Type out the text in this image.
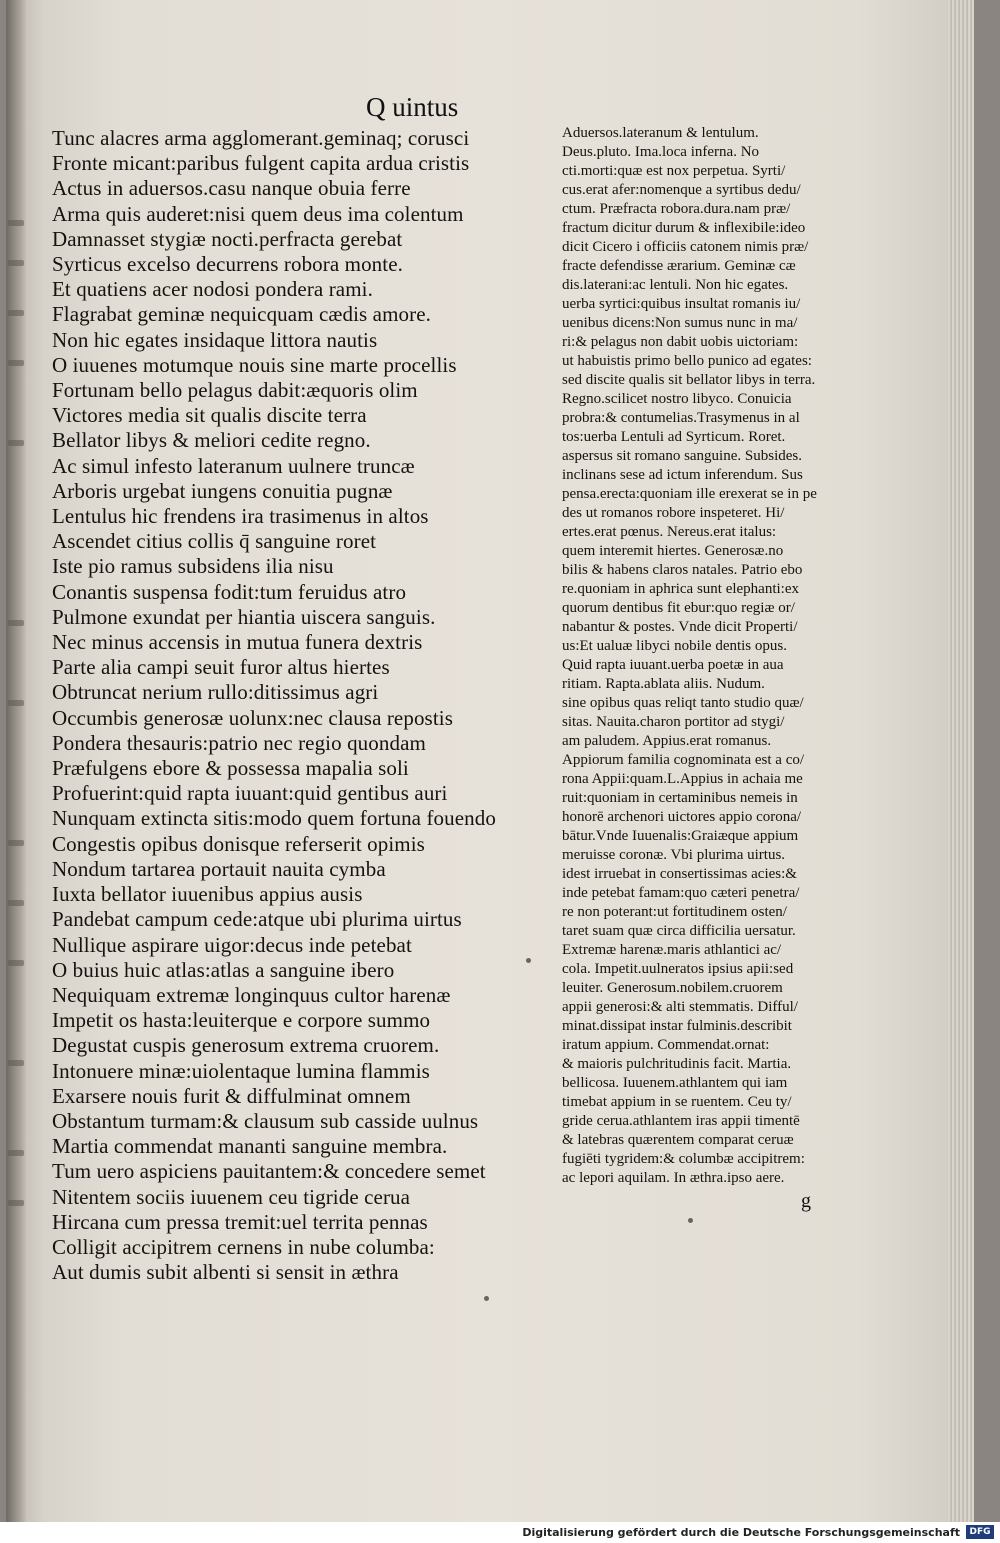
Q uintus
Tunc alacres arma agglomerant.geminaq; corusci
Fronte micant:paribus fulgent capita ardua cristis
Actus in aduersos.casu nanque obuia ferre
Arma quis auderet:nisi quem deus ima colentum
Damnasset stygiæ nocti.perfracta gerebat
Syrticus excelso decurrens robora monte.
Et quatiens acer nodosi pondera rami.
Flagrabat geminæ nequicquam cædis amore.
Non hic egates insidaque littora nautis
O iuuenes motumque nouis sine marte procellis
Fortunam bello pelagus dabit:æquoris olim
Victores media sit qualis discite terra
Bellator libys & meliori cedite regno.
Ac simul infesto lateranum uulnere truncæ
Arboris urgebat iungens conuitia pugnæ
Lentulus hic frendens ira trasimenus in altos
Ascendet citius collis q̄ sanguine roret
Iste pio ramus subsidens ilia nisu
Conantis suspensa fodit:tum feruidus atro
Pulmone exundat per hiantia uiscera sanguis.
Nec minus accensis in mutua funera dextris
Parte alia campi seuit furor altus hiertes
Obtruncat nerium rullo:ditissimus agri
Occumbis generosæ uolunx:nec clausa repostis
Pondera thesauris:patrio nec regio quondam
Præfulgens ebore & possessa mapalia soli
Profuerint:quid rapta iuuant:quid gentibus auri
Nunquam extincta sitis:modo quem fortuna fouendo
Congestis opibus donisque referserit opimis
Nondum tartarea portauit nauita cymba
Iuxta bellator iuuenibus appius ausis
Pandebat campum cede:atque ubi plurima uirtus
Nullique aspirare uigor:decus inde petebat
O buius huic atlas:atlas a sanguine ibero
Nequiquam extremæ longinquus cultor harenæ
Impetit os hasta:leuiterque e corpore summo
Degustat cuspis generosum extrema cruorem.
Intonuere minæ:uiolentaque lumina flammis
Exarsere nouis furit & diffulminat omnem
Obstantum turmam:& clausum sub casside uulnus
Martia commendat mananti sanguine membra.
Tum uero aspiciens pauitantem:& concedere semet
Nitentem sociis iuuenem ceu tigride cerua
Hircana cum pressa tremit:uel territa pennas
Colligit accipitrem cernens in nube columba:
Aut dumis subit albenti si sensit in æthra
Aduersos.lateranum & lentulum.
Deus.pluto. Ima.loca inferna. No
cti.morti:quæ est nox perpetua. Syrti/
cus.erat afer:nomenque a syrtibus dedu/
ctum. Præfracta robora.dura.nam præ/
fractum dicitur durum & inflexibile:ideo
dicit Cicero i officiis catonem nimis præ/
fracte defendisse ærarium. Geminæ cæ
dis.laterani:ac lentuli. Non hic egates.
uerba syrtici:quibus insultat romanis iu/
uenibus dicens:Non sumus nunc in ma/
ri:& pelagus non dabit uobis uictoriam:
ut habuistis primo bello punico ad egates:
sed discite qualis sit bellator libys in terra.
Regno.scilicet nostro libyco. Conuicia
probra:& contumelias.Trasymenus in al
tos:uerba Lentuli ad Syrticum. Roret.
aspersus sit romano sanguine. Subsides.
inclinans sese ad ictum inferendum. Sus
pensa.erecta:quoniam ille erexerat se in pe
des ut romanos robore inspeteret. Hi/
ertes.erat pœnus. Nereus.erat italus:
quem interemit hiertes. Generosæ.no
bilis & habens claros natales. Patrio ebo
re.quoniam in aphrica sunt elephanti:ex
quorum dentibus fit ebur:quo regiæ or/
nabantur & postes. Vnde dicit Properti/
us:Et ualuæ libyci nobile dentis opus.
Quid rapta iuuant.uerba poetæ in aua
ritiam. Rapta.ablata aliis. Nudum.
sine opibus quas reliqt tanto studio quæ/
sitas. Nauita.charon portitor ad stygi/
am paludem. Appius.erat romanus.
Appiorum familia cognominata est a co/
rona Appii:quam.L.Appius in achaia me
ruit:quoniam in certaminibus nemeis in
honorē archenori uictores appio corona/
bātur.Vnde Iuuenalis:Graiæque appium
meruisse coronæ. Vbi plurima uirtus.
idest irruebat in consertissimas acies:&
inde petebat famam:quo cæteri penetra/
re non poterant:ut fortitudinem osten/
taret suam quæ circa difficilia uersatur.
Extremæ harenæ.maris athlantici ac/
cola. Impetit.uulneratos ipsius apii:sed
leuiter. Generosum.nobilem.cruorem
appii generosi:& alti stemmatis. Difful/
minat.dissipat instar fulminis.describit
iratum appium. Commendat.ornat:
& maioris pulchritudinis facit. Martia.
bellicosa. Iuuenem.athlantem qui iam
timebat appium in se ruentem. Ceu ty/
gride cerua.athlantem iras appii timentē
& latebras quærentem comparat ceruæ
fugiēti tygridem:& columbæ accipitrem:
ac lepori aquilam. In æthra.ipso aere.
g
Digitalisierung gefördert durch die Deutsche Forschungsgemeinschaft	DFG
